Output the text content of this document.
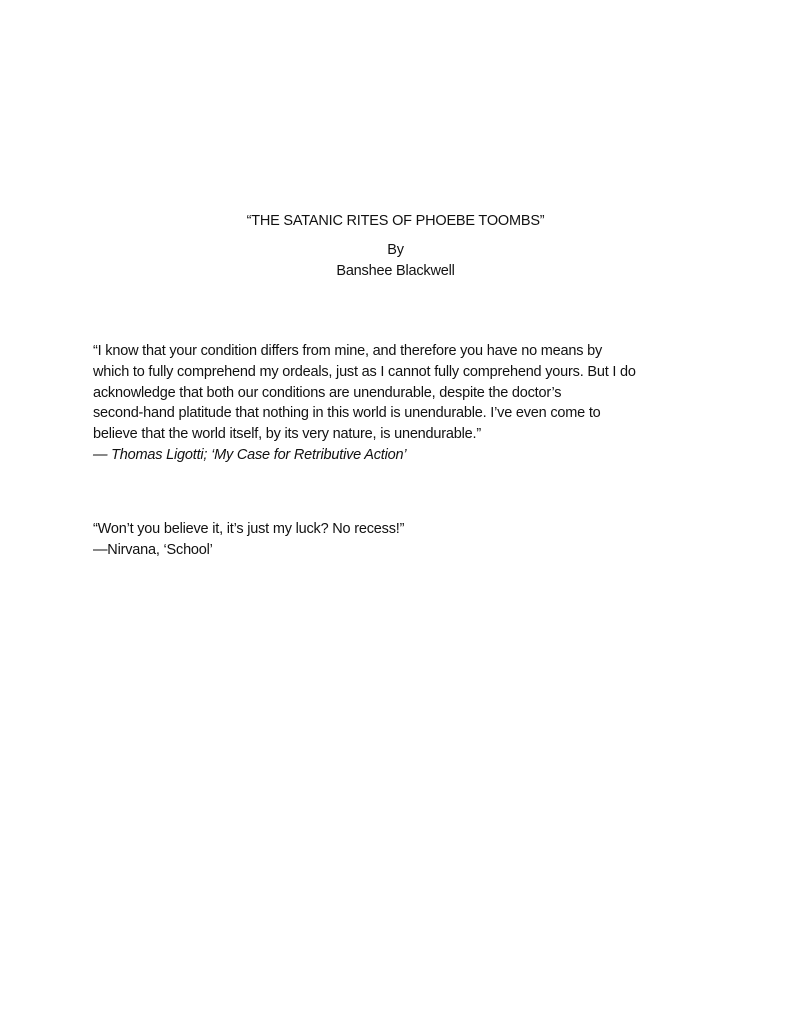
“THE SATANIC RITES OF PHOEBE TOOMBS”
By
Banshee Blackwell
“I know that your condition differs from mine, and therefore you have no means by
which to fully comprehend my ordeals, just as I cannot fully comprehend yours. But I do
acknowledge that both our conditions are unendurable, despite the doctor’s
second-hand platitude that nothing in this world is unendurable. I’ve even come to
believe that the world itself, by its very nature, is unendurable.”
— Thomas Ligotti; ‘My Case for Retributive Action’
“Won’t you believe it, it’s just my luck? No recess!”
—Nirvana, ‘School’
